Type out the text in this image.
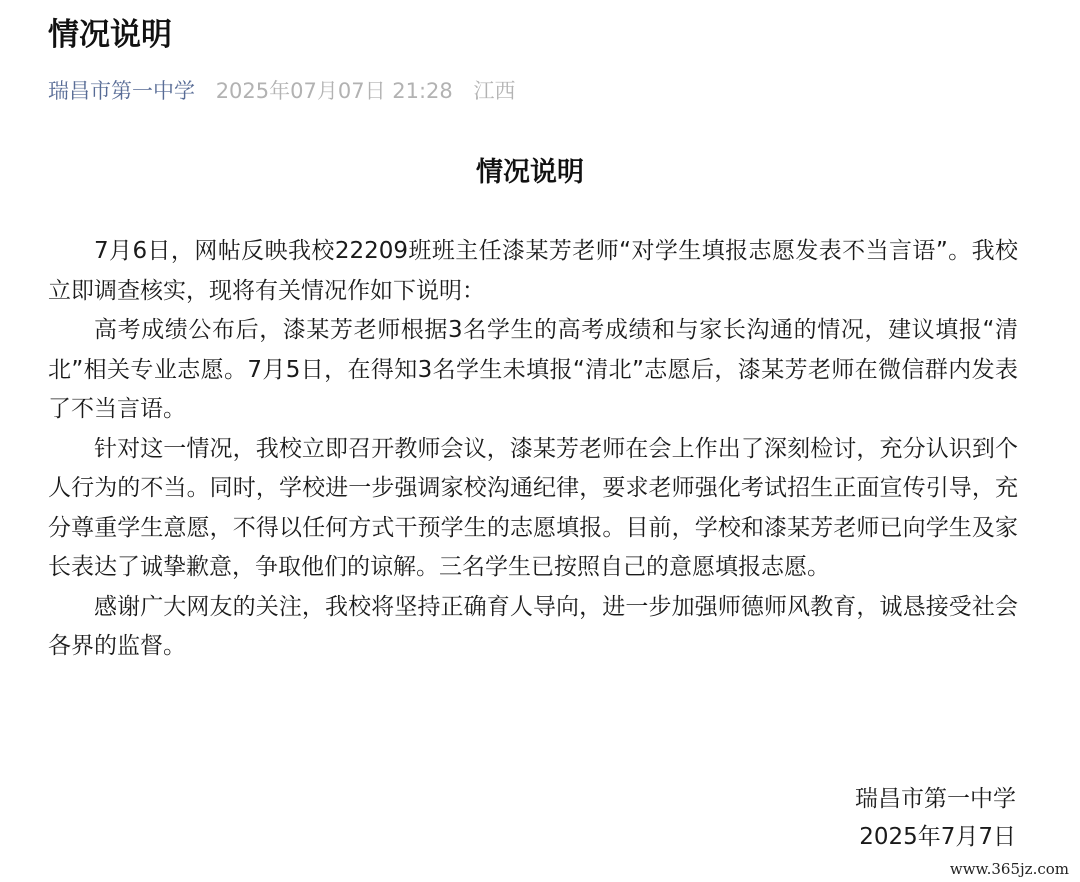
情况说明
瑞昌市第一中学 2025年07月07日 21:28 江西
情况说明

7月6日，网帖反映我校22209班班主任漆某芳老师“对学生填报志愿发表不当言语”。我校立即调查核实，现将有关情况作如下说明：

高考成绩公布后，漆某芳老师根据3名学生的高考成绩和与家长沟通的情况，建议填报“清北”相关专业志愿。7月5日，在得知3名学生未填报“清北”志愿后，漆某芳老师在微信群内发表了不当言语。

针对这一情况，我校立即召开教师会议，漆某芳老师在会上作出了深刻检讨，充分认识到个人行为的不当。同时，学校进一步强调家校沟通纪律，要求老师强化考试招生正面宣传引导，充分尊重学生意愿，不得以任何方式干预学生的志愿填报。目前，学校和漆某芳老师已向学生及家长表达了诚挚歉意，争取他们的谅解。三名学生已按照自己的意愿填报志愿。

感谢广大网友的关注，我校将坚持正确育人导向，进一步加强师德师风教育，诚恳接受社会各界的监督。

瑞昌市第一中学
2025年7月7日
www.365jz.com
